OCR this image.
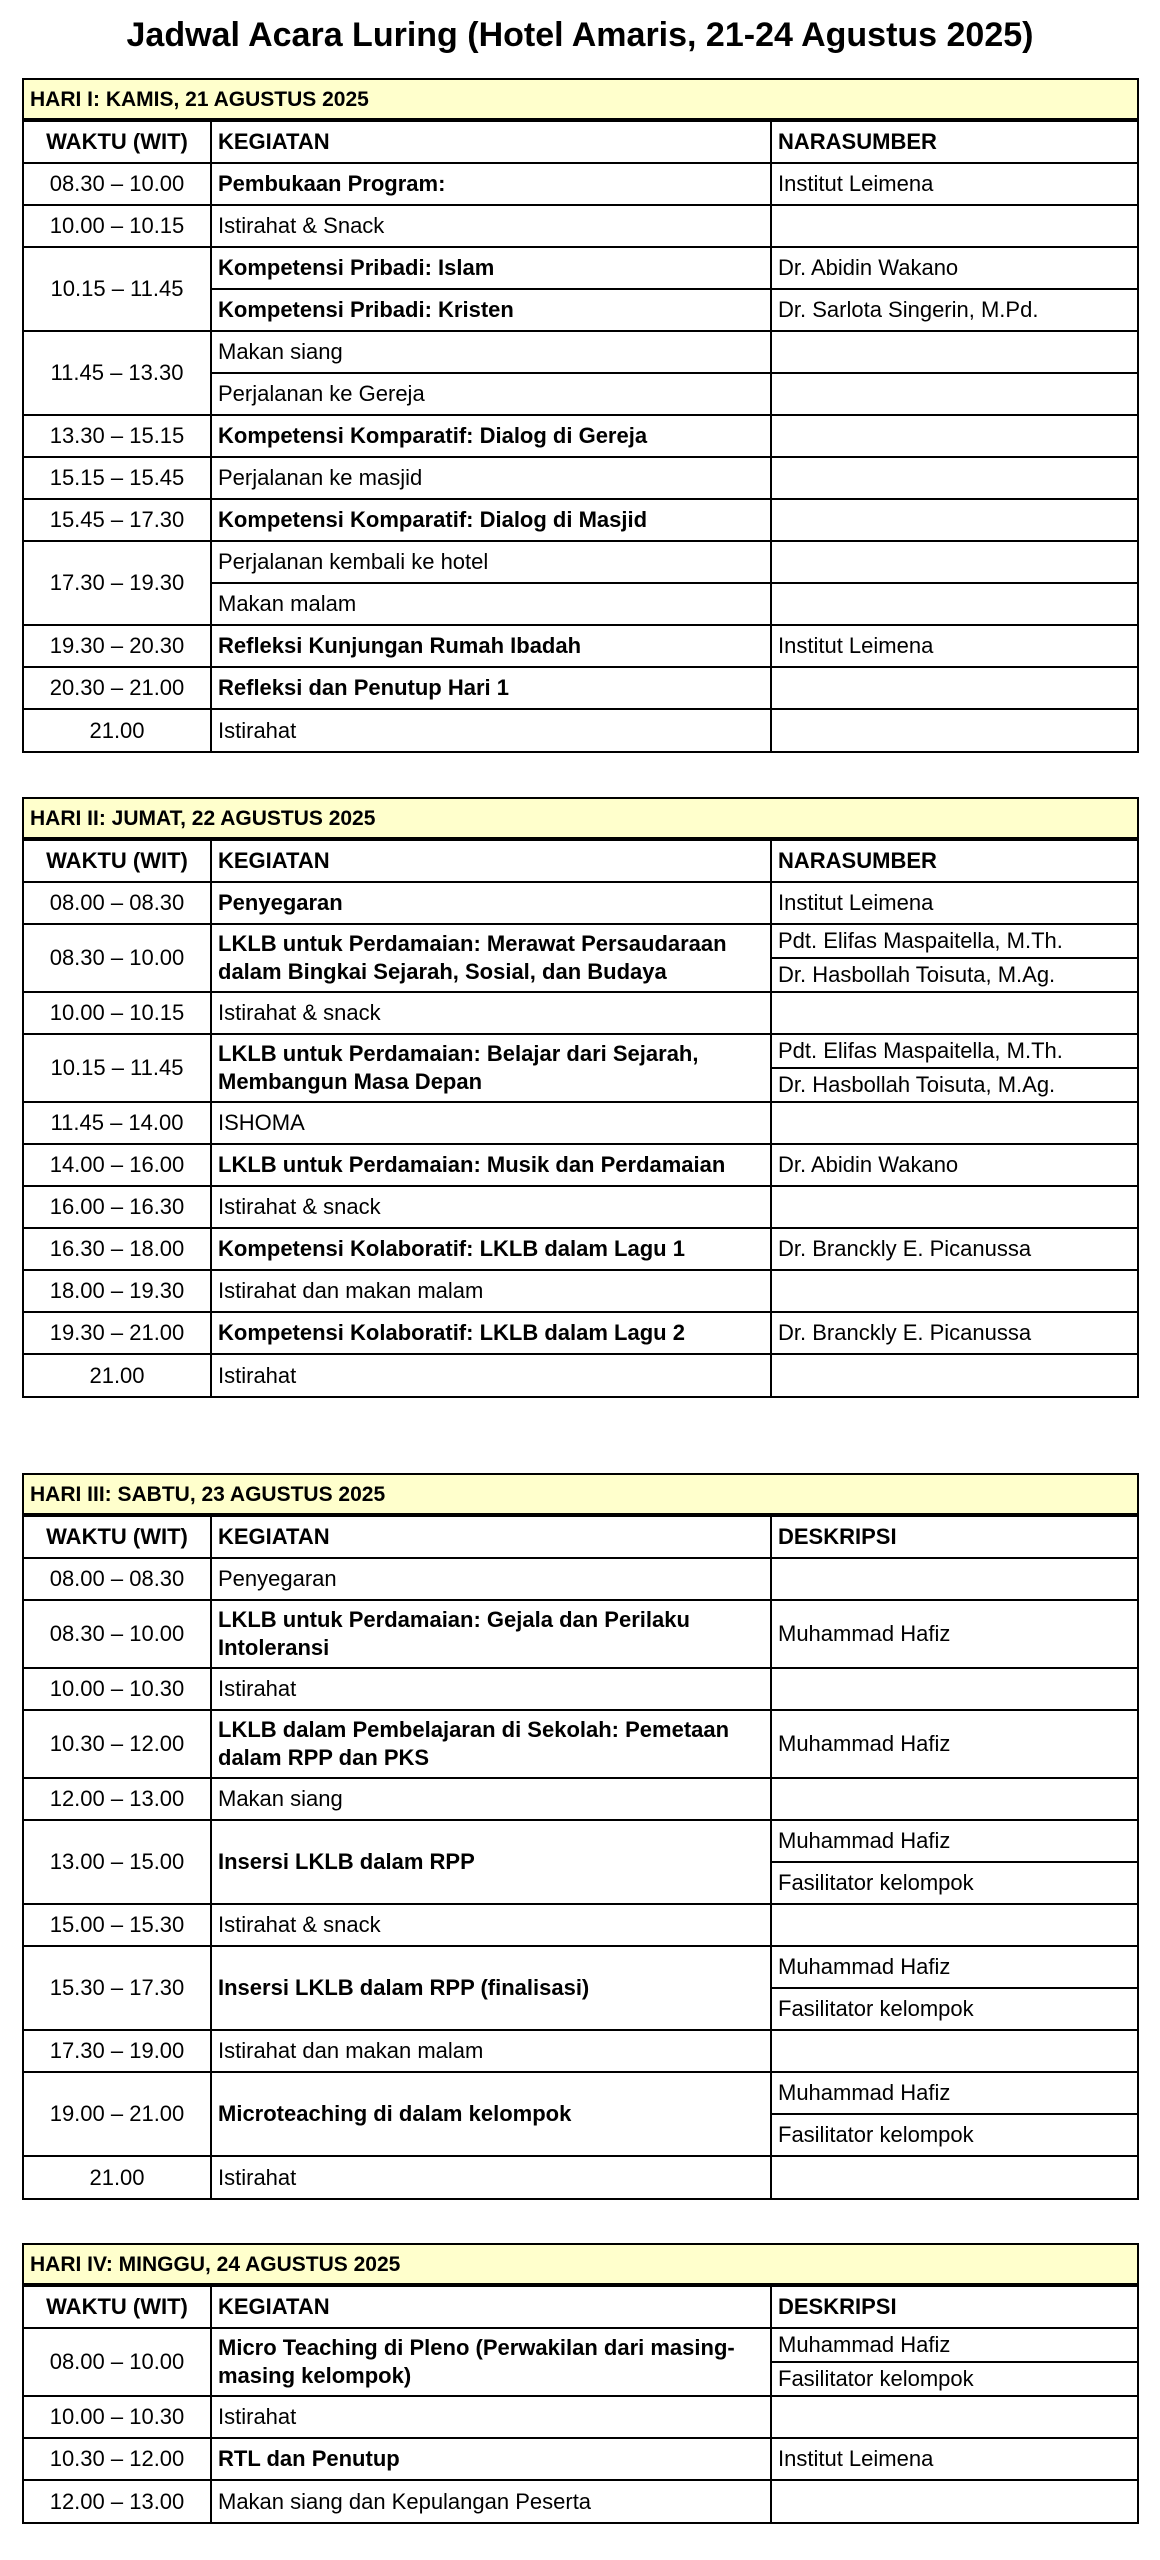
Jadwal Acara Luring (Hotel Amaris, 21-24 Agustus 2025)
HARI I: KAMIS, 21 AGUSTUS 2025
WAKTU (WIT)	KEGIATAN	NARASUMBER
08.30 – 10.00	Pembukaan Program:	Institut Leimena
10.00 – 10.15	Istirahat & Snack	
10.15 – 11.45	Kompetensi Pribadi: Islam	Dr. Abidin Wakano
	Kompetensi Pribadi: Kristen	Dr. Sarlota Singerin, M.Pd.
11.45 – 13.30	Makan siang	
	Perjalanan ke Gereja	
13.30 – 15.15	Kompetensi Komparatif: Dialog di Gereja	
15.15 – 15.45	Perjalanan ke masjid	
15.45 – 17.30	Kompetensi Komparatif: Dialog di Masjid	
17.30 – 19.30	Perjalanan kembali ke hotel	
	Makan malam	
19.30 – 20.30	Refleksi Kunjungan Rumah Ibadah	Institut Leimena
20.30 – 21.00	Refleksi dan Penutup Hari 1	
21.00	Istirahat	
HARI II: JUMAT, 22 AGUSTUS 2025
WAKTU (WIT)	KEGIATAN	NARASUMBER
08.00 – 08.30	Penyegaran	Institut Leimena
08.30 – 10.00	LKLB untuk Perdamaian: Merawat Persaudaraan dalam Bingkai Sejarah, Sosial, dan Budaya	Pdt. Elifas Maspaitella, M.Th.
		Dr. Hasbollah Toisuta, M.Ag.
10.00 – 10.15	Istirahat & snack	
10.15 – 11.45	LKLB untuk Perdamaian: Belajar dari Sejarah, Membangun Masa Depan	Pdt. Elifas Maspaitella, M.Th.
		Dr. Hasbollah Toisuta, M.Ag.
11.45 – 14.00	ISHOMA	
14.00 – 16.00	LKLB untuk Perdamaian: Musik dan Perdamaian	Dr. Abidin Wakano
16.00 – 16.30	Istirahat & snack	
16.30 – 18.00	Kompetensi Kolaboratif: LKLB dalam Lagu 1	Dr. Branckly E. Picanussa
18.00 – 19.30	Istirahat dan makan malam	
19.30 – 21.00	Kompetensi Kolaboratif: LKLB dalam Lagu 2	Dr. Branckly E. Picanussa
21.00	Istirahat	
HARI III: SABTU, 23 AGUSTUS 2025
WAKTU (WIT)	KEGIATAN	DESKRIPSI
08.00 – 08.30	Penyegaran	
08.30 – 10.00	LKLB untuk Perdamaian: Gejala dan Perilaku Intoleransi	Muhammad Hafiz
10.00 – 10.30	Istirahat	
10.30 – 12.00	LKLB dalam Pembelajaran di Sekolah: Pemetaan dalam RPP dan PKS	Muhammad Hafiz
12.00 – 13.00	Makan siang	
13.00 – 15.00	Insersi LKLB dalam RPP	Muhammad Hafiz
		Fasilitator kelompok
15.00 – 15.30	Istirahat & snack	
15.30 – 17.30	Insersi LKLB dalam RPP (finalisasi)	Muhammad Hafiz
		Fasilitator kelompok
17.30 – 19.00	Istirahat dan makan malam	
19.00 – 21.00	Microteaching di dalam kelompok	Muhammad Hafiz
		Fasilitator kelompok
21.00	Istirahat	
HARI IV: MINGGU, 24 AGUSTUS 2025
WAKTU (WIT)	KEGIATAN	DESKRIPSI
08.00 – 10.00	Micro Teaching di Pleno (Perwakilan dari masing-masing kelompok)	Muhammad Hafiz
		Fasilitator kelompok
10.00 – 10.30	Istirahat	
10.30 – 12.00	RTL dan Penutup	Institut Leimena
12.00 – 13.00	Makan siang dan Kepulangan Peserta	
